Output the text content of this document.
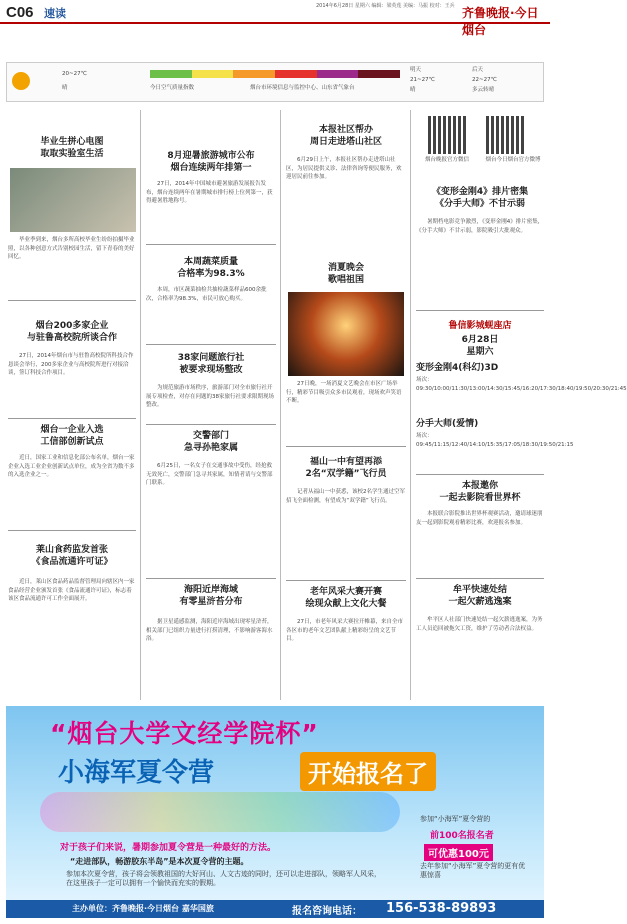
C06 速读
2014年6月28日 星期六 编辑：梁英莲 美编：马振 校对：王兵 齐鲁晚报·今日烟台
20~27℃
晴	今日空气质量指数	烟台市环境信息与监控中心、山东省气象台
明天
21~27℃
晴
后天
22~27℃
多云转晴
毕业生拼心电图
取取实验室生活

毕业季到来，烟台多所高校毕业生纷纷拍摄毕业照，以各种创意方式告别校园生活，留下青春的美好回忆。

烟台200多家企业
与驻鲁高校院所谈合作

27日，2014年烟台市与驻鲁高校院所科技合作恳谈会举行，200多家企业与高校院所进行对接洽谈，签订科技合作项目。

烟台一企业入选
工信部创新试点

近日，国家工业和信息化部公布名单，烟台一家企业入选工业企业创新试点单位，成为全省为数不多的入选企业之一。

莱山食药监发首张
《食品流通许可证》

近日，莱山区食品药品监督管理局向辖区内一家食品经营企业颁发首张《食品流通许可证》，标志着该区食品流通许可工作全面展开。

8月迎暑旅游城市公布
烟台连续两年排第一

27日，2014年中国城市避暑旅游发展报告发布，烟台连续两年在暑期城市排行榜上位列第一，获得避暑胜地称号。

本周蔬菜质量
合格率为98.3%

本周，市区蔬菜抽检共抽检蔬菜样品600余批次，合格率为98.3%，市民可放心购买。

38家问题旅行社
被要求现场整改

为规范旅游市场秩序，旅游部门对全市旅行社开展专项检查，对存在问题的38家旅行社要求限期现场整改。

交警部门
急寻孙艳家属

6月25日，一名女子在交通事故中受伤，经抢救无效死亡，交警部门急寻其家属，知情者请与交警部门联系。

海阳近岸海域
有零星浒苔分布

据卫星遥感监测，海阳近岸海域出现零星浒苔，相关部门已组织力量进行打捞清理，不影响游客海水浴。

本报社区帮办
周日走进塔山社区

6月29日上午，本报社区帮办走进塔山社区，为居民提供义诊、法律咨询等便民服务，欢迎居民前往参加。

消夏晚会
歌唱祖国

27日晚，一场消夏文艺晚会在市区广场举行，精彩节目吸引众多市民观看，现场欢声笑语不断。

福山一中有望再添
2名“双学籍”飞行员

记者从福山一中获悉，该校2名学生通过空军招飞全面检测，有望成为“双学籍”飞行员。

老年风采大赛开赛
绘现众献上文化大餐

27日，市老年风采大赛拉开帷幕，来自全市各区市的老年文艺团队献上精彩纷呈的文艺节目。

烟台晚报官方微信	烟台今日烟台官方微博
《变形金刚4》排片密集
《分手大师》不甘示弱

暑期档电影竞争激烈，《变形金刚4》排片密集，《分手大师》不甘示弱，影院吸引大批观众。

鲁信影城蚬座店
6月28日
星期六
变形金刚4(科幻)3D
场次：09:30/10:00/11:30/13:00/14:30/15:45/16:20/17:30/18:40/19:50/20:30/21:45
分手大师(爱情)
场次：09:45/11:15/12:40/14:10/15:35/17:05/18:30/19:50/21:15
本报邀你
一起去影院看世界杯

本报联合影院推出世界杯观赛活动，邀请球迷朋友一起到影院观看精彩比赛，欢迎报名参加。

牟平快速处结
一起欠薪逃逸案

牟平区人社部门快速处结一起欠薪逃逸案，为务工人员追回被拖欠工资，维护了劳动者合法权益。

“烟台大学文经学院杯”
小海军夏令营	开始报名了
对于孩子们来说，暑期参加夏令营是一种最好的方法。
“走进部队，畅游胶东半岛”是本次夏令营的主题。
参加本次夏令营，孩子将会领教祖国的大好河山、人文古迹的同时，还可以走进部队，领略军人风采，在这里孩子一定可以拥有一个愉快而充实的假期。
参加“小海军”夏令营的
前100名报名者
可优惠100元
去年参加“小海军”夏令营的更有优惠惊喜
主办单位：齐鲁晚报·今日烟台 嘉华国旅	报名咨询电话： 156-538-89893
